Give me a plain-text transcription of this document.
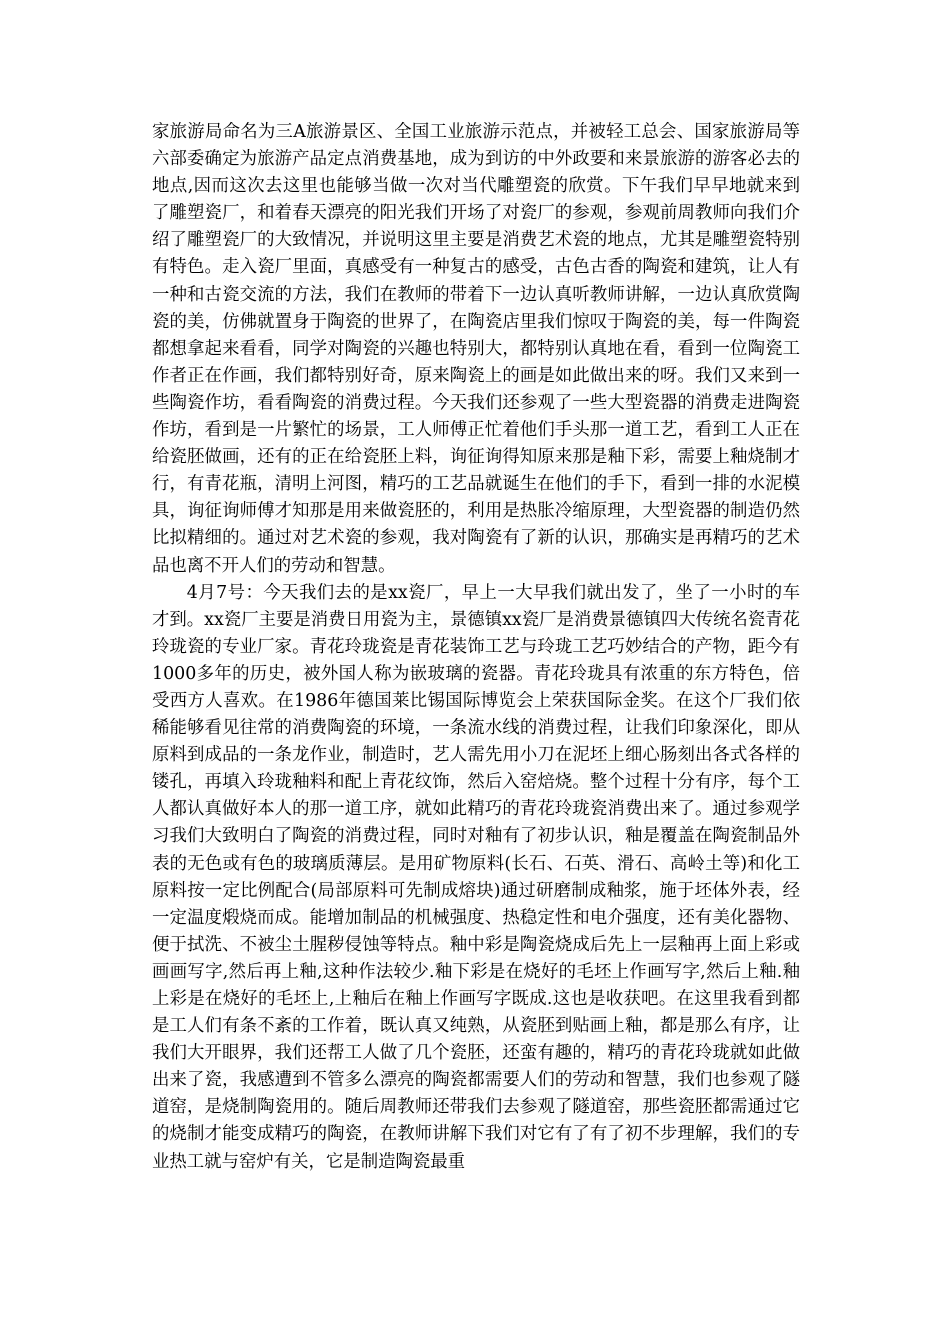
家旅游局命名为三A旅游景区、全国工业旅游示范点，并被轻工总会、国家旅游局等六部委确定为旅游产品定点消费基地，成为到访的中外政要和来景旅游的游客必去的地点,因而这次去这里也能够当做一次对当代雕塑瓷的欣赏。下午我们早早地就来到了雕塑瓷厂，和着春天漂亮的阳光我们开场了对瓷厂的参观，参观前周教师向我们介绍了雕塑瓷厂的大致情况，并说明这里主要是消费艺术瓷的地点，尤其是雕塑瓷特别有特色。走入瓷厂里面，真感受有一种复古的感受，古色古香的陶瓷和建筑，让人有一种和古瓷交流的方法，我们在教师的带着下一边认真听教师讲解，一边认真欣赏陶瓷的美，仿佛就置身于陶瓷的世界了，在陶瓷店里我们惊叹于陶瓷的美，每一件陶瓷都想拿起来看看，同学对陶瓷的兴趣也特别大，都特别认真地在看，看到一位陶瓷工作者正在作画，我们都特别好奇，原来陶瓷上的画是如此做出来的呀。我们又来到一些陶瓷作坊，看看陶瓷的消费过程。今天我们还参观了一些大型瓷器的消费走进陶瓷作坊，看到是一片繁忙的场景，工人师傅正忙着他们手头那一道工艺，看到工人正在给瓷胚做画，还有的正在给瓷胚上料，询征询得知原来那是釉下彩，需要上釉烧制才行，有青花瓶，清明上河图，精巧的工艺品就诞生在他们的手下，看到一排的水泥模具，询征询师傅才知那是用来做瓷胚的，利用是热胀冷缩原理，大型瓷器的制造仍然比拟精细的。通过对艺术瓷的参观，我对陶瓷有了新的认识，那确实是再精巧的艺术品也离不开人们的劳动和智慧。

4月7号：今天我们去的是xx瓷厂，早上一大早我们就出发了，坐了一小时的车才到。xx瓷厂主要是消费日用瓷为主，景德镇xx瓷厂是消费景德镇四大传统名瓷青花玲珑瓷的专业厂家。青花玲珑瓷是青花装饰工艺与玲珑工艺巧妙结合的产物，距今有1000多年的历史，被外国人称为嵌玻璃的瓷器。青花玲珑具有浓重的东方特色，倍受西方人喜欢。在1986年德国莱比锡国际博览会上荣获国际金奖。在这个厂我们依稀能够看见往常的消费陶瓷的环境，一条流水线的消费过程，让我们印象深化，即从原料到成品的一条龙作业，制造时，艺人需先用小刀在泥坯上细心肠刻出各式各样的镂孔，再填入玲珑釉料和配上青花纹饰，然后入窑焙烧。整个过程十分有序，每个工人都认真做好本人的那一道工序，就如此精巧的青花玲珑瓷消费出来了。通过参观学习我们大致明白了陶瓷的消费过程，同时对釉有了初步认识，釉是覆盖在陶瓷制品外表的无色或有色的玻璃质薄层。是用矿物原料(长石、石英、滑石、高岭土等)和化工原料按一定比例配合(局部原料可先制成熔块)通过研磨制成釉浆，施于坯体外表，经一定温度煅烧而成。能增加制品的机械强度、热稳定性和电介强度，还有美化器物、便于拭洗、不被尘土腥秽侵蚀等特点。釉中彩是陶瓷烧成后先上一层釉再上面上彩或画画写字,然后再上釉,这种作法较少.釉下彩是在烧好的毛坯上作画写字,然后上釉.釉上彩是在烧好的毛坯上,上釉后在釉上作画写字既成.这也是收获吧。在这里我看到都是工人们有条不紊的工作着，既认真又纯熟，从瓷胚到贴画上釉，都是那么有序，让我们大开眼界，我们还帮工人做了几个瓷胚，还蛮有趣的，精巧的青花玲珑就如此做出来了瓷，我感遭到不管多么漂亮的陶瓷都需要人们的劳动和智慧，我们也参观了隧道窑，是烧制陶瓷用的。随后周教师还带我们去参观了隧道窑，那些瓷胚都需通过它的烧制才能变成精巧的陶瓷，在教师讲解下我们对它有了有了初不步理解，我们的专业热工就与窑炉有关，它是制造陶瓷最重
